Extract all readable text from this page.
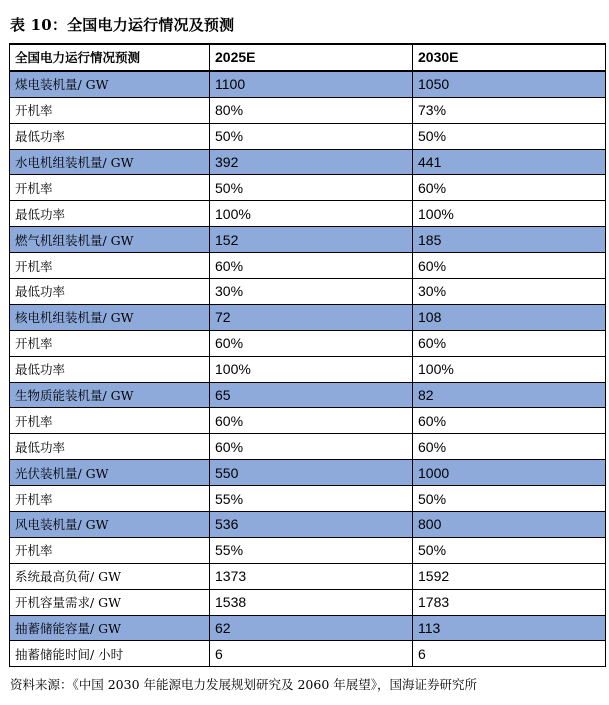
表 10：全国电力运行情况及预测
全国电力运行情况预测	2025E	2030E
煤电装机量/ GW	1100	1050
开机率	80%	73%
最低功率	50%	50%
水电机组装机量/ GW	392	441
开机率	50%	60%
最低功率	100%	100%
燃气机组装机量/ GW	152	185
开机率	60%	60%
最低功率	30%	30%
核电机组装机量/ GW	72	108
开机率	60%	60%
最低功率	100%	100%
生物质能装机量/ GW	65	82
开机率	60%	60%
最低功率	60%	60%
光伏装机量/ GW	550	1000
开机率	55%	50%
风电装机量/ GW	536	800
开机率	55%	50%
系统最高负荷/ GW	1373	1592
开机容量需求/ GW	1538	1783
抽蓄储能容量/ GW	62	113
抽蓄储能时间/ 小时	6	6
资料来源：《中国 2030 年能源电力发展规划研究及 2060 年展望》，国海证券研究所
